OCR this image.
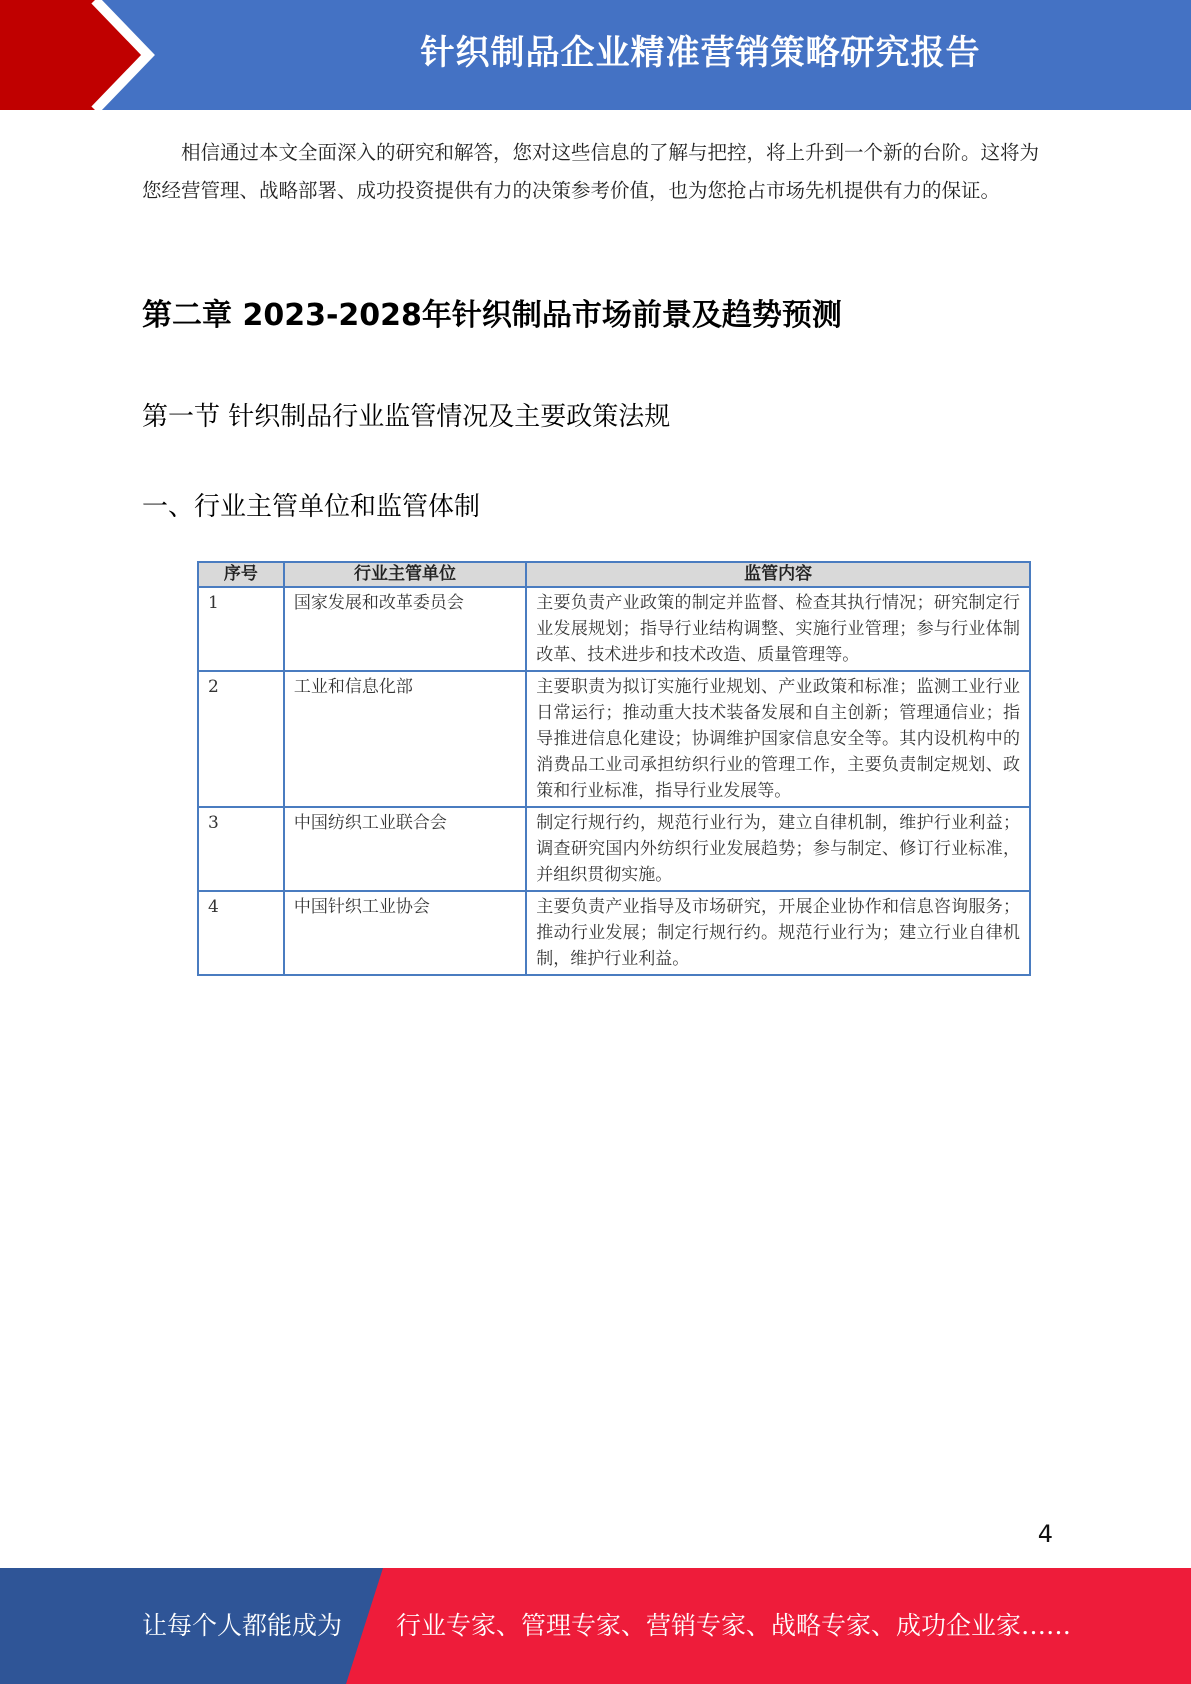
针织制品企业精准营销策略研究报告

相信通过本文全面深入的研究和解答，您对这些信息的了解与把控，将上升到一个新的台阶。这将为您经营管理、战略部署、成功投资提供有力的决策参考价值，也为您抢占市场先机提供有力的保证。

第二章 2023-2028年针织制品市场前景及趋势预测
第一节 针织制品行业监管情况及主要政策法规
一、行业主管单位和监管体制
序号	行业主管单位	监管内容
1	国家发展和改革委员会	主要负责产业政策的制定并监督、检查其执行情况；研究制定行业发展规划；指导行业结构调整、实施行业管理；参与行业体制改革、技术进步和技术改造、质量管理等。
2	工业和信息化部	主要职责为拟订实施行业规划、产业政策和标准；监测工业行业日常运行；推动重大技术装备发展和自主创新；管理通信业；指导推进信息化建设；协调维护国家信息安全等。其内设机构中的消费品工业司承担纺织行业的管理工作，主要负责制定规划、政策和行业标准，指导行业发展等。
3	中国纺织工业联合会	制定行规行约，规范行业行为，建立自律机制，维护行业利益；调查研究国内外纺织行业发展趋势；参与制定、修订行业标准，并组织贯彻实施。
4	中国针织工业协会	主要负责产业指导及市场研究，开展企业协作和信息咨询服务；推动行业发展；制定行规行约。规范行业行为；建立行业自律机制，维护行业利益。
4
让每个人都能成为 行业专家、管理专家、营销专家、战略专家、成功企业家……
